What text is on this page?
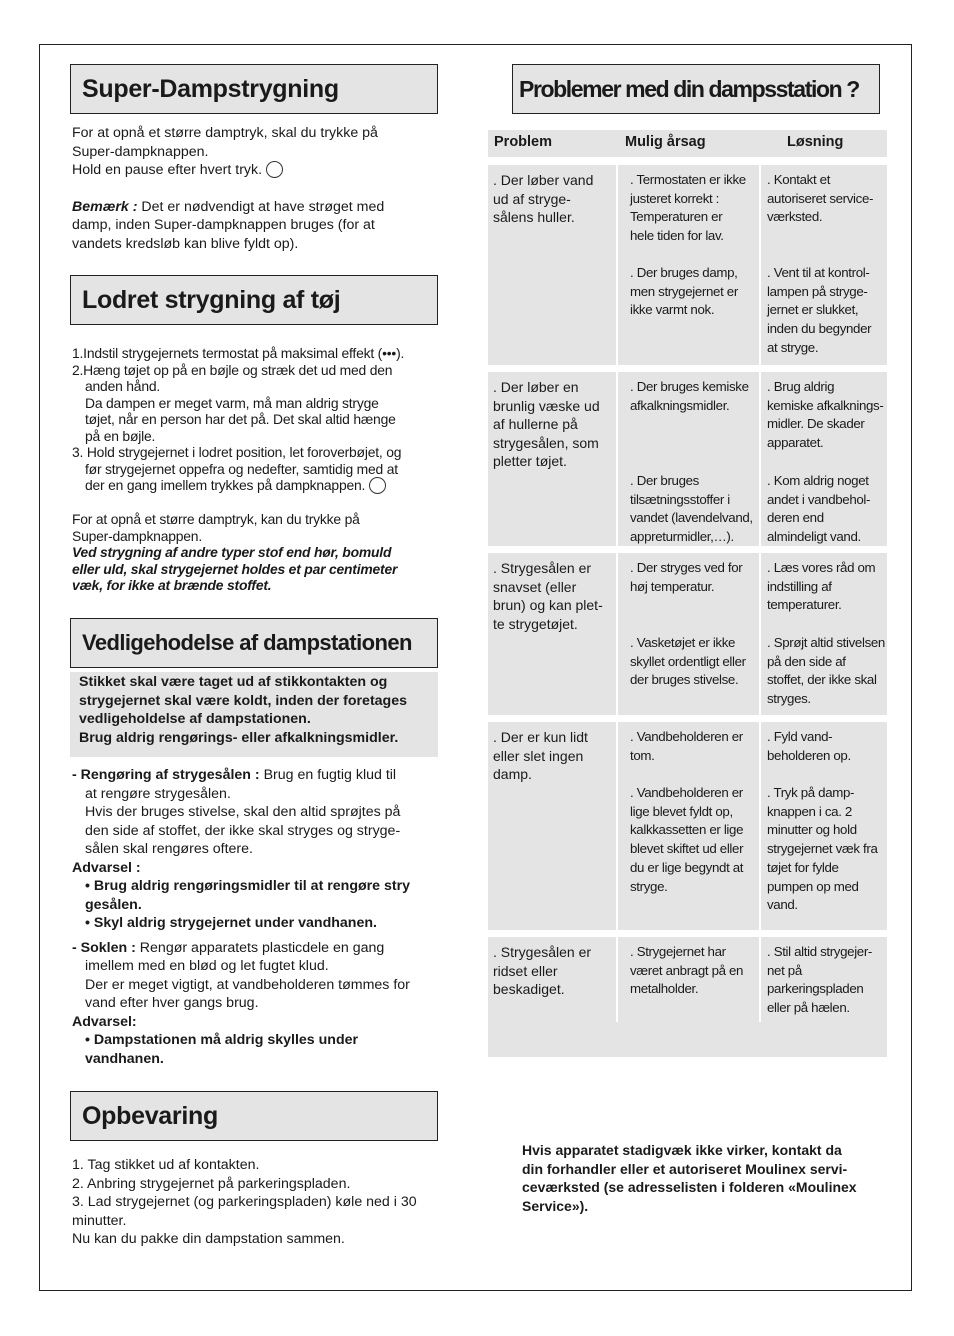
Super-Dampstrygning

For at opnå et større damptryk, skal du trykke på

Super-dampknappen.

Hold en pause efter hvert tryk.

Bemærk : Det er nødvendigt at have strøget med

damp, inden Super-dampknappen bruges (for at

vandets kredsløb kan blive fyldt op).

Lodret strygning af tøj

1.Indstil strygejernets termostat på maksimal effekt (•••).

2.Hæng tøjet op på en bøjle og stræk det ud med den

anden hånd.

Da dampen er meget varm, må man aldrig stryge

tøjet, når en person har det på. Det skal altid hænge

på en bøjle.

3. Hold strygejernet i lodret position, let foroverbøjet, og

før strygejernet oppefra og nedefter, samtidig med at

der en gang imellem trykkes på dampknappen.

For at opnå et større damptryk, kan du trykke på

Super-dampknappen.

Ved strygning af andre typer stof end hør, bomuld

eller uld, skal strygejernet holdes et par centimeter

væk, for ikke at brænde stoffet.

Vedligehodelse af dampstationen

Stikket skal være taget ud af stikkontakten og

strygejernet skal være koldt, inden der foretages

vedligeholdelse af dampstationen.

Brug aldrig rengørings- eller afkalkningsmidler.

- Rengøring af strygesålen : Brug en fugtig klud til

at rengøre strygesålen.

Hvis der bruges stivelse, skal den altid sprøjtes på

den side af stoffet, der ikke skal stryges og stryge-

sålen skal rengøres oftere.

Advarsel :

• Brug aldrig rengøringsmidler til at rengøre stry

gesålen.

• Skyl aldrig strygejernet under vandhanen.

- Soklen : Rengør apparatets plasticdele en gang

imellem med en blød og let fugtet klud.

Der er meget vigtigt, at vandbeholderen tømmes for

vand efter hver gangs brug.

Advarsel:

• Dampstationen må aldrig skylles under

vandhanen.

Opbevaring

1. Tag stikket ud af kontakten.

2. Anbring strygejernet på parkeringspladen.

3. Lad strygejernet (og parkeringspladen) køle ned i 30

minutter.

Nu kan du pakke din dampstation sammen.

Problemer med din dampsstation ?
Problem	Mulig årsag	Løsning

. Der løber vand

ud af stryge-

sålens huller.

. Termostaten er ikke

justeret korrekt :

Temperaturen er

hele tiden for lav.

. Der bruges damp,

men strygejernet er

ikke varmt nok.

. Kontakt et

autoriseret service-

værksted.

. Vent til at kontrol-

lampen på stryge-

jernet er slukket,

inden du begynder

at stryge.

. Der løber en

brunlig væske ud

af hullerne på

strygesålen, som

pletter tøjet.

. Der bruges kemiske

afkalkningsmidler.

. Der bruges

tilsætningsstoffer i

vandet (lavendelvand,

appreturmidler,…).

. Brug aldrig

kemiske afkalknings-

midler. De skader

apparatet.

. Kom aldrig noget

andet i vandbehol-

deren end

almindeligt vand.

. Strygesålen er

snavset (eller

brun) og kan plet-

te strygetøjet.

. Der stryges ved for

høj temperatur.

. Vasketøjet er ikke

skyllet ordentligt eller

der bruges stivelse.

. Læs vores råd om

indstilling af

temperaturer.

. Sprøjt altid stivelsen

på den side af

stoffet, der ikke skal

stryges.

. Der er kun lidt

eller slet ingen

damp.

. Vandbeholderen er

tom.

. Vandbeholderen er

lige blevet fyldt op,

kalkkassetten er lige

blevet skiftet ud eller

du er lige begyndt at

stryge.

. Fyld vand-

beholderen op.

. Tryk på damp-

knappen i ca. 2

minutter og hold

strygejernet væk fra

tøjet for fylde

pumpen op med

vand.

. Strygesålen er

ridset eller

beskadiget.

. Strygejernet har

været anbragt på en

metalholder.

. Stil altid strygejer-

net på

parkeringspladen

eller på hælen.

Hvis apparatet stadigvæk ikke virker, kontakt da

din forhandler eller et autoriseret Moulinex servi-

ceværksted (se adresselisten i folderen «Moulinex

Service»).
